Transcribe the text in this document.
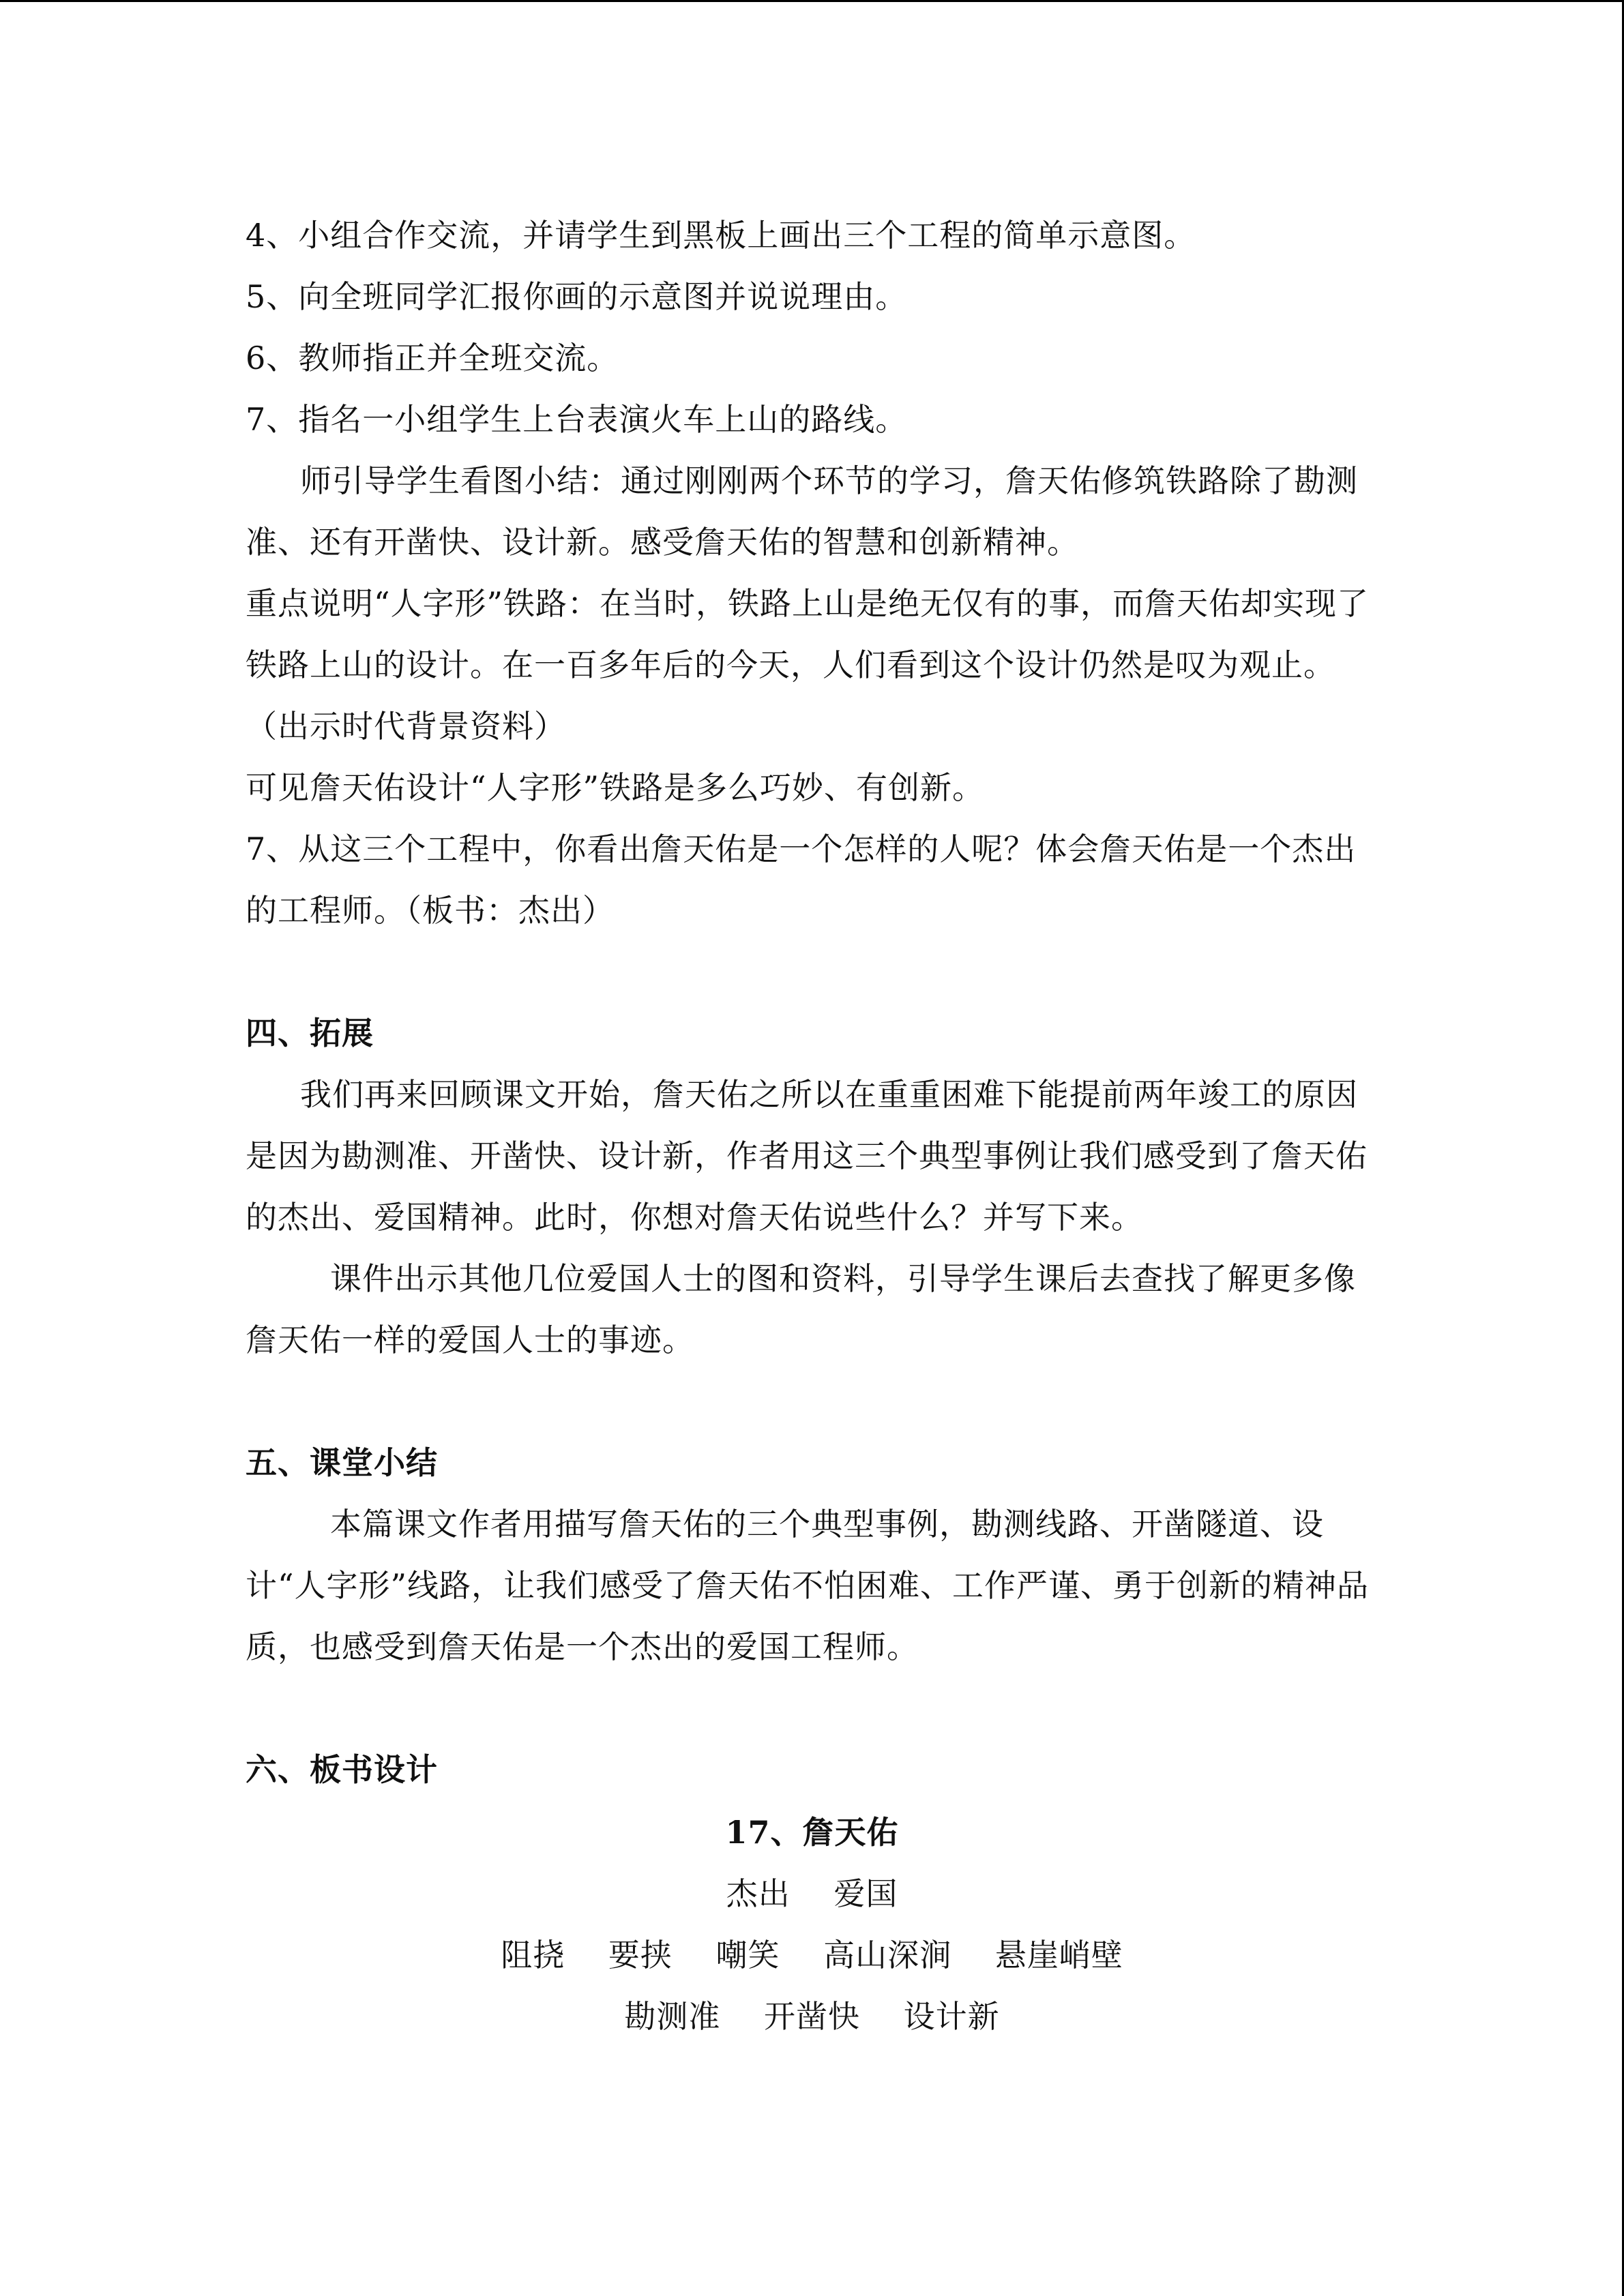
4、小组合作交流，并请学生到黑板上画出三个工程的简单示意图。
5、向全班同学汇报你画的示意图并说说理由。
6、教师指正并全班交流。
7、指名一小组学生上台表演火车上山的路线。
师引导学生看图小结：通过刚刚两个环节的学习，詹天佑修筑铁路除了勘测准、还有开凿快、设计新。感受詹天佑的智慧和创新精神。
重点说明“人字形”铁路：在当时，铁路上山是绝无仅有的事，而詹天佑却实现了铁路上山的设计。在一百多年后的今天，人们看到这个设计仍然是叹为观止。（出示时代背景资料）
可见詹天佑设计“人字形”铁路是多么巧妙、有创新。
7、从这三个工程中，你看出詹天佑是一个怎样的人呢？体会詹天佑是一个杰出的工程师。（板书：杰出）
四、拓展
我们再来回顾课文开始，詹天佑之所以在重重困难下能提前两年竣工的原因是因为勘测准、开凿快、设计新，作者用这三个典型事例让我们感受到了詹天佑的杰出、爱国精神。此时，你想对詹天佑说些什么？并写下来。
课件出示其他几位爱国人士的图和资料，引导学生课后去查找了解更多像詹天佑一样的爱国人士的事迹。
五、课堂小结
本篇课文作者用描写詹天佑的三个典型事例，勘测线路、开凿隧道、设计“人字形”线路，让我们感受了詹天佑不怕困难、工作严谨、勇于创新的精神品质，也感受到詹天佑是一个杰出的爱国工程师。
六、板书设计
17、詹天佑
杰出 爱国
阻挠 要挟 嘲笑 高山深涧 悬崖峭壁
勘测准 开凿快 设计新
